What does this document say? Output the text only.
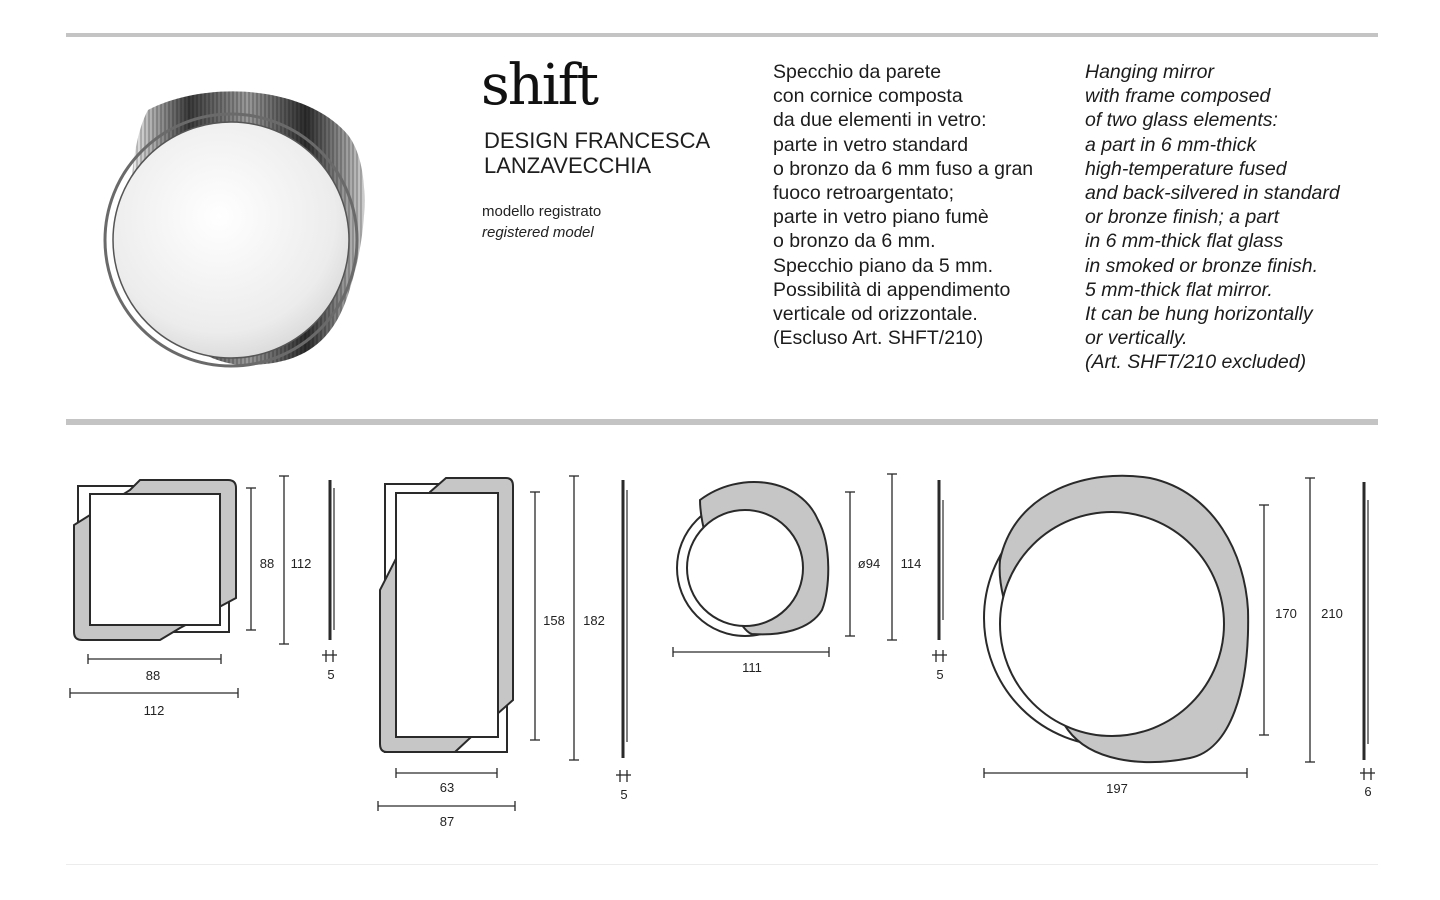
shift
DESIGN FRANCESCA
LANZAVECCHIA
modello registrato
registered model

Specchio da parete

con cornice composta

da due elementi in vetro:

parte in vetro standard

o bronzo da 6 mm fuso a gran

fuoco retroargentato;

parte in vetro piano fumè

o bronzo da 6 mm.

Specchio piano da 5 mm.

Possibilità di appendimento

verticale od orizzontale.

(Escluso Art. SHFT/210)

Hanging mirror

with frame composed

of two glass elements:

a part in 6 mm-thick

high-temperature fused

and back-silvered in standard

or bronze finish; a part

in 6 mm-thick flat glass

in smoked or bronze finish.

5 mm-thick flat mirror.

It can be hung horizontally

or vertically.

(Art. SHFT/210 excluded)

88
112
88 112
5
63
87
158 182
5
111
ø94 114
5
197
170 210
6
